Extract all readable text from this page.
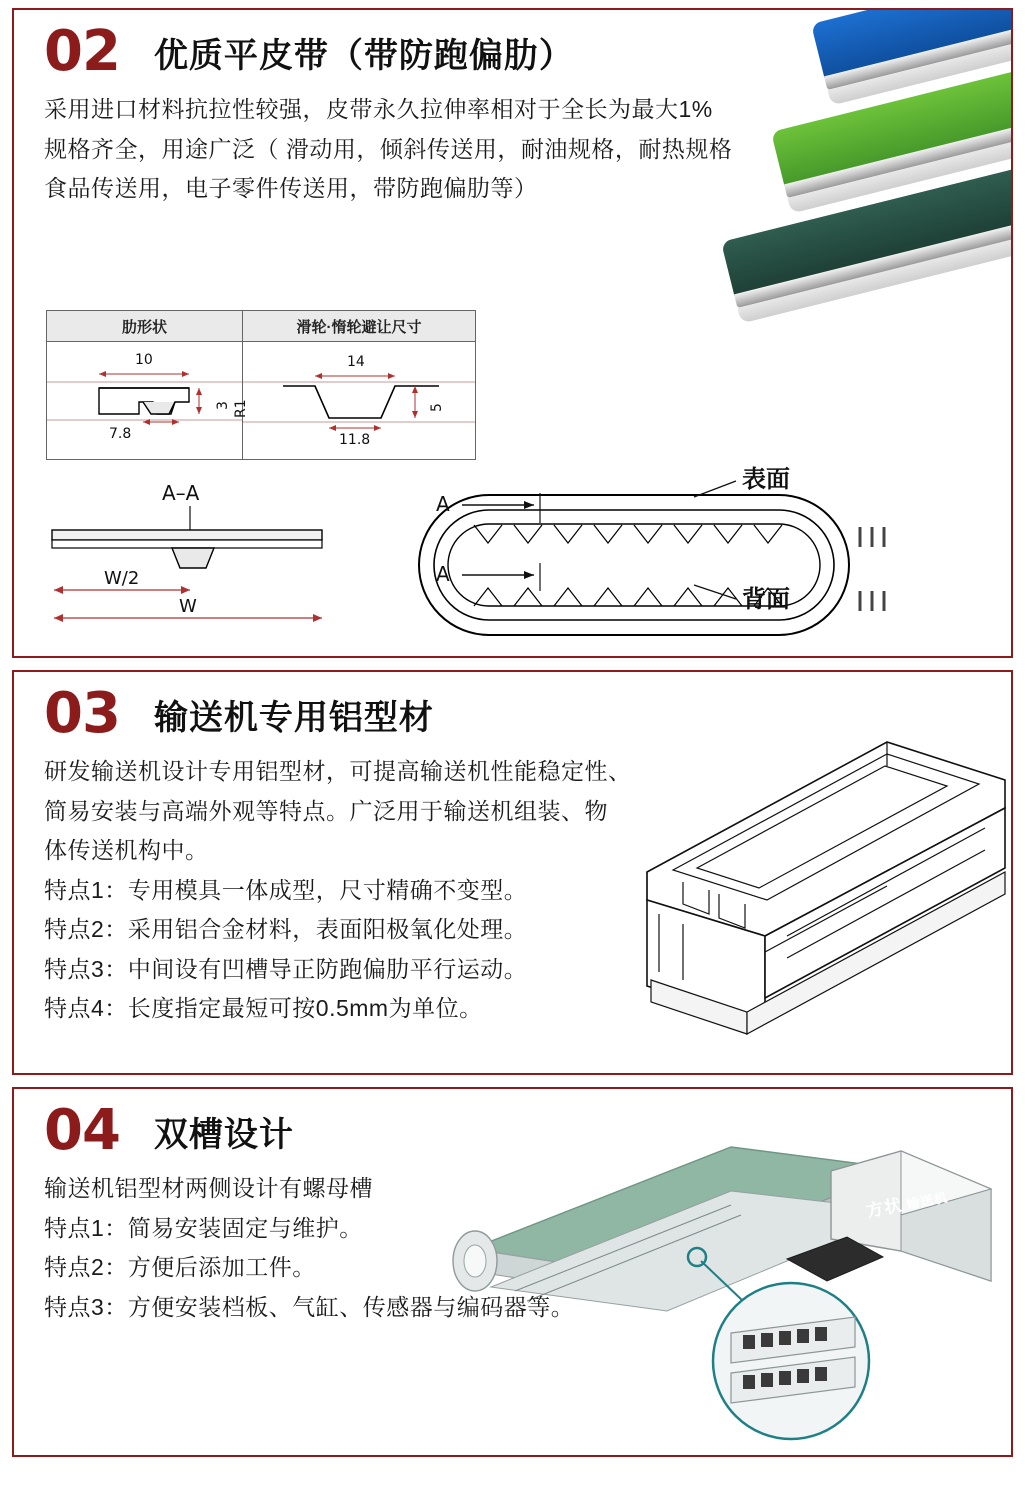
02 优质平皮带（带防跑偏肋）

采用进口材料抗拉性较强，皮带永久拉伸率相对于全长为最大1%

规格齐全，用途广泛（ 滑动用，倾斜传送用，耐油规格，耐热规格

食品传送用，电子零件传送用，带防跑偏肋等）

肋形状	滑轮·惰轮避让尺寸
10
3 R1
7.8
14
5
11.8
A–A
W/2
W
A
A
表面
背面
03 输送机专用铝型材

研发输送机设计专用铝型材，可提高输送机性能稳定性、

简易安装与高端外观等特点。广泛用于输送机组装、物

体传送机构中。

特点1：专用模具一体成型，尺寸精确不变型。

特点2：采用铝合金材料，表面阳极氧化处理。

特点3：中间设有凹槽导正防跑偏肋平行运动。

特点4：长度指定最短可按0.5mm为单位。

04 双槽设计

输送机铝型材两侧设计有螺母槽

特点1：简易安装固定与维护。

特点2：方便后添加工件。

特点3：方便安装档板、气缸、传感器与编码器等。

方状 输送机
